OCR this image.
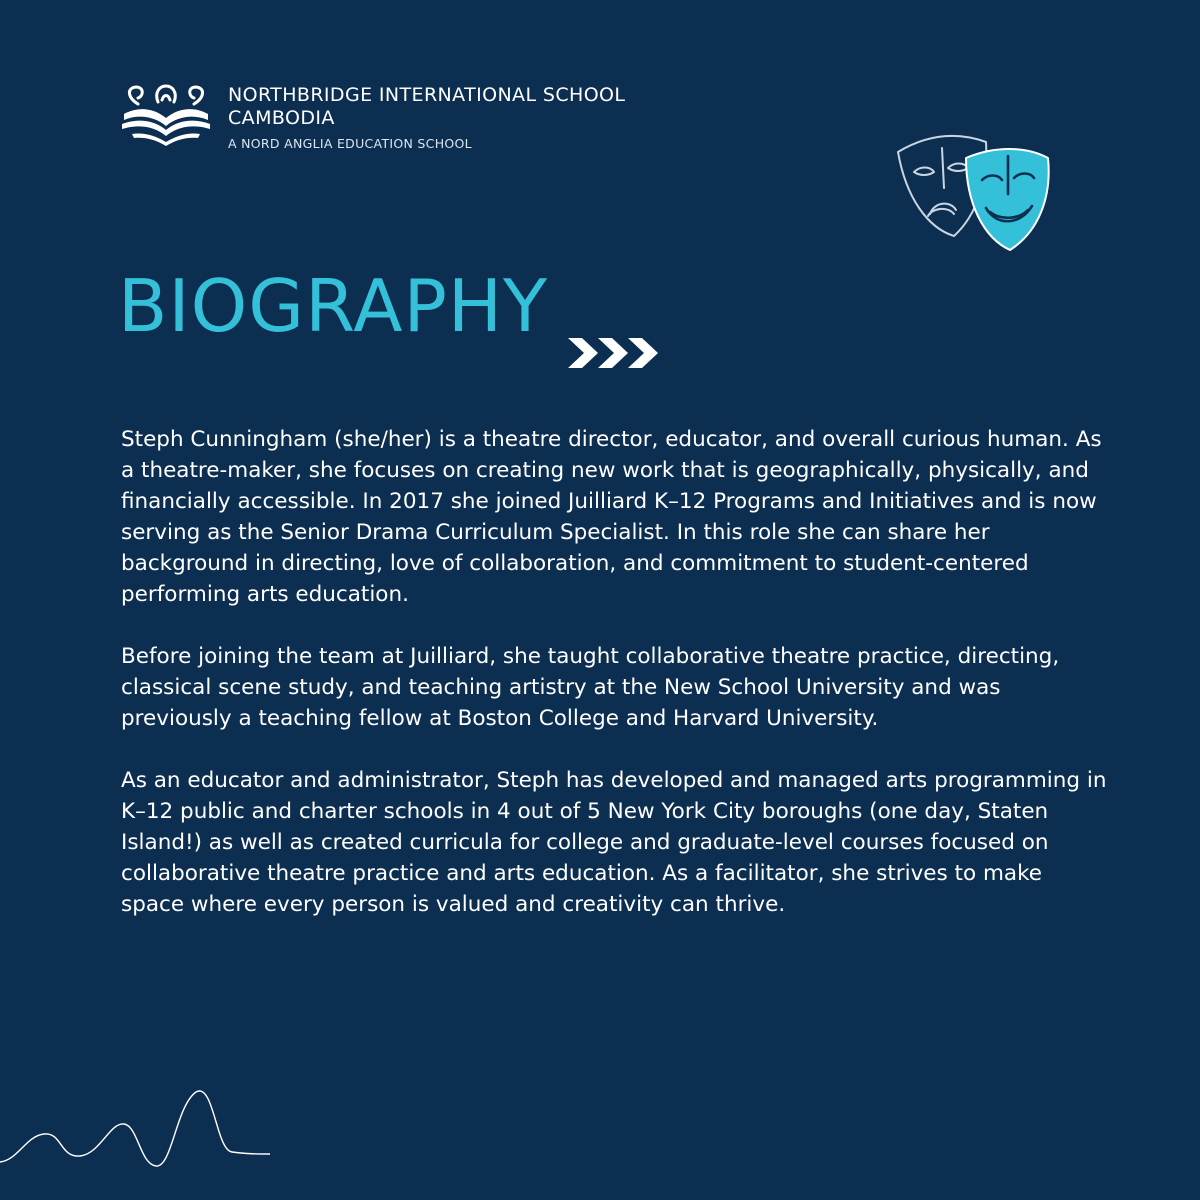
NORTHBRIDGE INTERNATIONAL SCHOOL
CAMBODIA
A NORD ANGLIA EDUCATION SCHOOL
BIOGRAPHY

Steph Cunningham (she/her) is a theatre director, educator, and overall curious human. As a theatre-maker, she focuses on creating new work that is geographically, physically, and financially accessible. In 2017 she joined Juilliard K–12 Programs and Initiatives and is now serving as the Senior Drama Curriculum Specialist. In this role she can share her background in directing, love of collaboration, and commitment to student-centered performing arts education.

Before joining the team at Juilliard, she taught collaborative theatre practice, directing, classical scene study, and teaching artistry at the New School University and was previously a teaching fellow at Boston College and Harvard University.

As an educator and administrator, Steph has developed and managed arts programming in K–12 public and charter schools in 4 out of 5 New York City boroughs (one day, Staten Island!) as well as created curricula for college and graduate-level courses focused on collaborative theatre practice and arts education. As a facilitator, she strives to make space where every person is valued and creativity can thrive.
